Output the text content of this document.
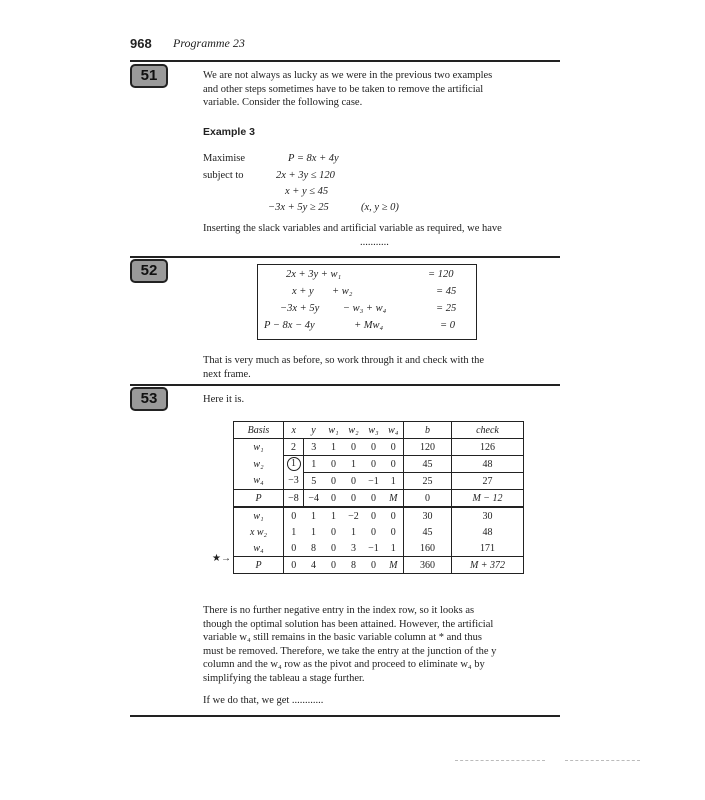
968 Programme 23
51	We are not always as lucky as we were in the previous two examples
and other steps sometimes have to be taken to remove the artificial
variable. Consider the following case.
Example 3
Maximise	P = 8x + 4y
subject to	2x + 3y ≤ 120
x + y ≤ 45
−3x + 5y ≥ 25	(x, y ≥ 0)
Inserting the slack variables and artificial variable as required, we have
...........
52	2x + 3y + w₁	= 120
x + y       + w₂	= 45
−3x + 5y         − w₃ + w₄	= 25
P − 8x − 4y               + Mw₄	= 0
That is very much as before, so work through it and check with the
next frame.
53	Here it is.
★→
Basis	x	y	w₁	w₂	w₃	w₄	b	check
w₁	2	3	1	0	0	0	120	126
w₂	1	1	0	1	0	0	45	48
w₄	−3	5	0	0	−1	1	25	27
P	−8	−4	0	0	0	M	0	M − 12
w₁	0	1	1	−2	0	0	30	30
x w₂	1	1	0	1	0	0	45	48
w₄	0	8	0	3	−1	1	160	171
P	0	4	0	8	0	M	360	M + 372
There is no further negative entry in the index row, so it looks as
though the optimal solution has been attained. However, the artificial
variable w₄ still remains in the basic variable column at * and thus
must be removed. Therefore, we take the entry at the junction of the y
column and the w₄ row as the pivot and proceed to eliminate w₄ by
simplifying the tableau a stage further.
If we do that, we get ............
